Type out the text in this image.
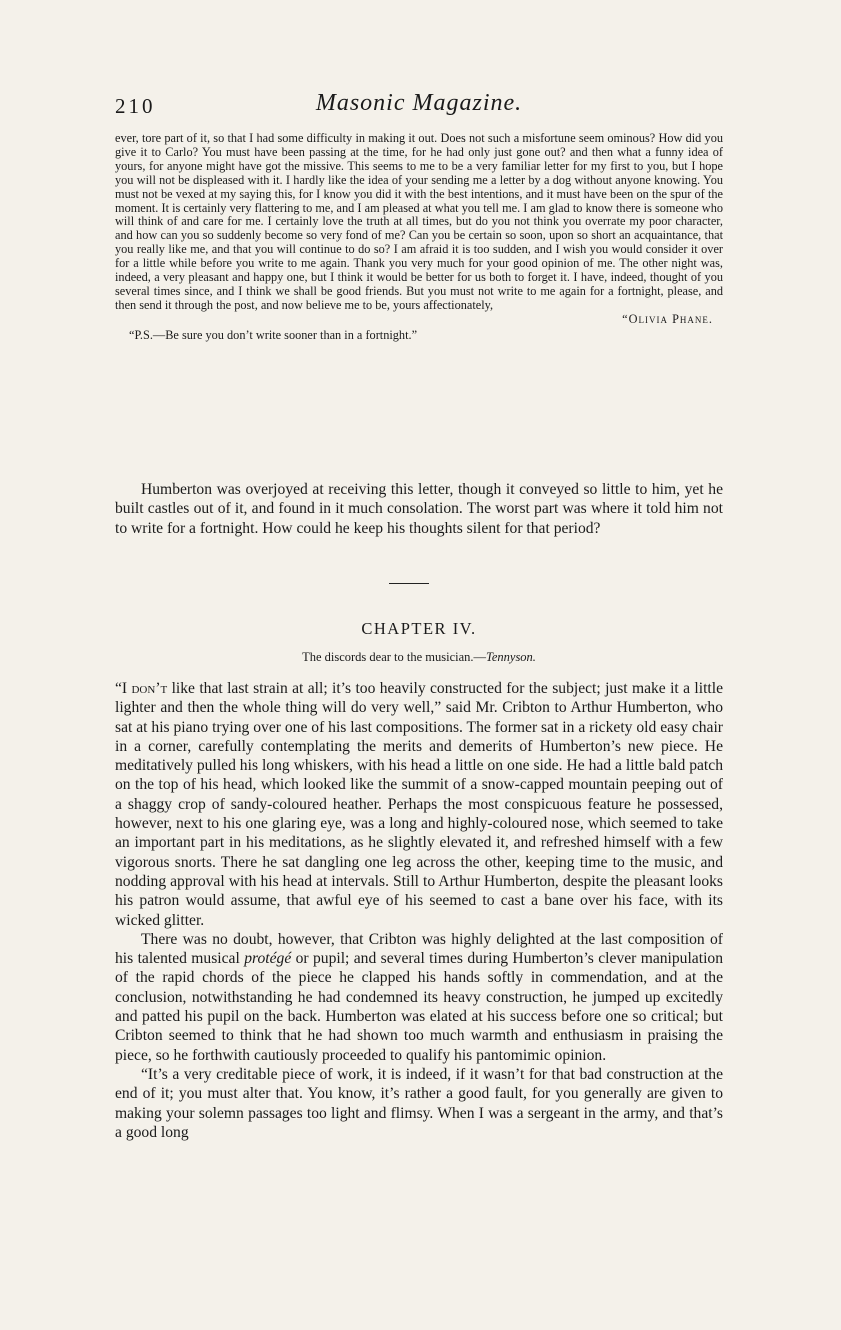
210	Masonic Magazine.

ever, tore part of it, so that I had some difficulty in making it out. Does not such a misfortune seem ominous? How did you give it to Carlo? You must have been passing at the time, for he had only just gone out? and then what a funny idea of yours, for anyone might have got the missive. This seems to me to be a very familiar letter for my first to you, but I hope you will not be displeased with it. I hardly like the idea of your sending me a letter by a dog without anyone knowing. You must not be vexed at my saying this, for I know you did it with the best intentions, and it must have been on the spur of the moment. It is certainly very flattering to me, and I am pleased at what you tell me. I am glad to know there is someone who will think of and care for me. I certainly love the truth at all times, but do you not think you overrate my poor character, and how can you so suddenly become so very fond of me? Can you be certain so soon, upon so short an acquaintance, that you really like me, and that you will continue to do so? I am afraid it is too sudden, and I wish you would consider it over for a little while before you write to me again. Thank you very much for your good opinion of me. The other night was, indeed, a very pleasant and happy one, but I think it would be better for us both to forget it. I have, indeed, thought of you several times since, and I think we shall be good friends. But you must not write to me again for a fortnight, please, and then send it through the post, and now believe me to be, yours affectionately,

“Olivia Phane.

“P.S.—Be sure you don’t write sooner than in a fortnight.”

Humberton was overjoyed at receiving this letter, though it conveyed so little to him, yet he built castles out of it, and found in it much consolation. The worst part was where it told him not to write for a fortnight. How could he keep his thoughts silent for that period?

CHAPTER IV.
The discords dear to the musician.—Tennyson.

“I don’t like that last strain at all; it’s too heavily constructed for the subject; just make it a little lighter and then the whole thing will do very well,” said Mr. Cribton to Arthur Humberton, who sat at his piano trying over one of his last compositions. The former sat in a rickety old easy chair in a corner, carefully contemplating the merits and demerits of Humberton’s new piece. He meditatively pulled his long whiskers, with his head a little on one side. He had a little bald patch on the top of his head, which looked like the summit of a snow-capped mountain peeping out of a shaggy crop of sandy-coloured heather. Perhaps the most conspicuous feature he possessed, however, next to his one glaring eye, was a long and highly-coloured nose, which seemed to take an important part in his meditations, as he slightly elevated it, and refreshed himself with a few vigorous snorts. There he sat dangling one leg across the other, keeping time to the music, and nodding approval with his head at intervals. Still to Arthur Humberton, despite the pleasant looks his patron would assume, that awful eye of his seemed to cast a bane over his face, with its wicked glitter.

There was no doubt, however, that Cribton was highly delighted at the last composition of his talented musical protégé or pupil; and several times during Humberton’s clever manipulation of the rapid chords of the piece he clapped his hands softly in commendation, and at the conclusion, notwithstanding he had condemned its heavy construction, he jumped up excitedly and patted his pupil on the back. Humberton was elated at his success before one so critical; but Cribton seemed to think that he had shown too much warmth and enthusiasm in praising the piece, so he forthwith cautiously proceeded to qualify his pantomimic opinion.

“It’s a very creditable piece of work, it is indeed, if it wasn’t for that bad construction at the end of it; you must alter that. You know, it’s rather a good fault, for you generally are given to making your solemn passages too light and flimsy. When I was a sergeant in the army, and that’s a good long
